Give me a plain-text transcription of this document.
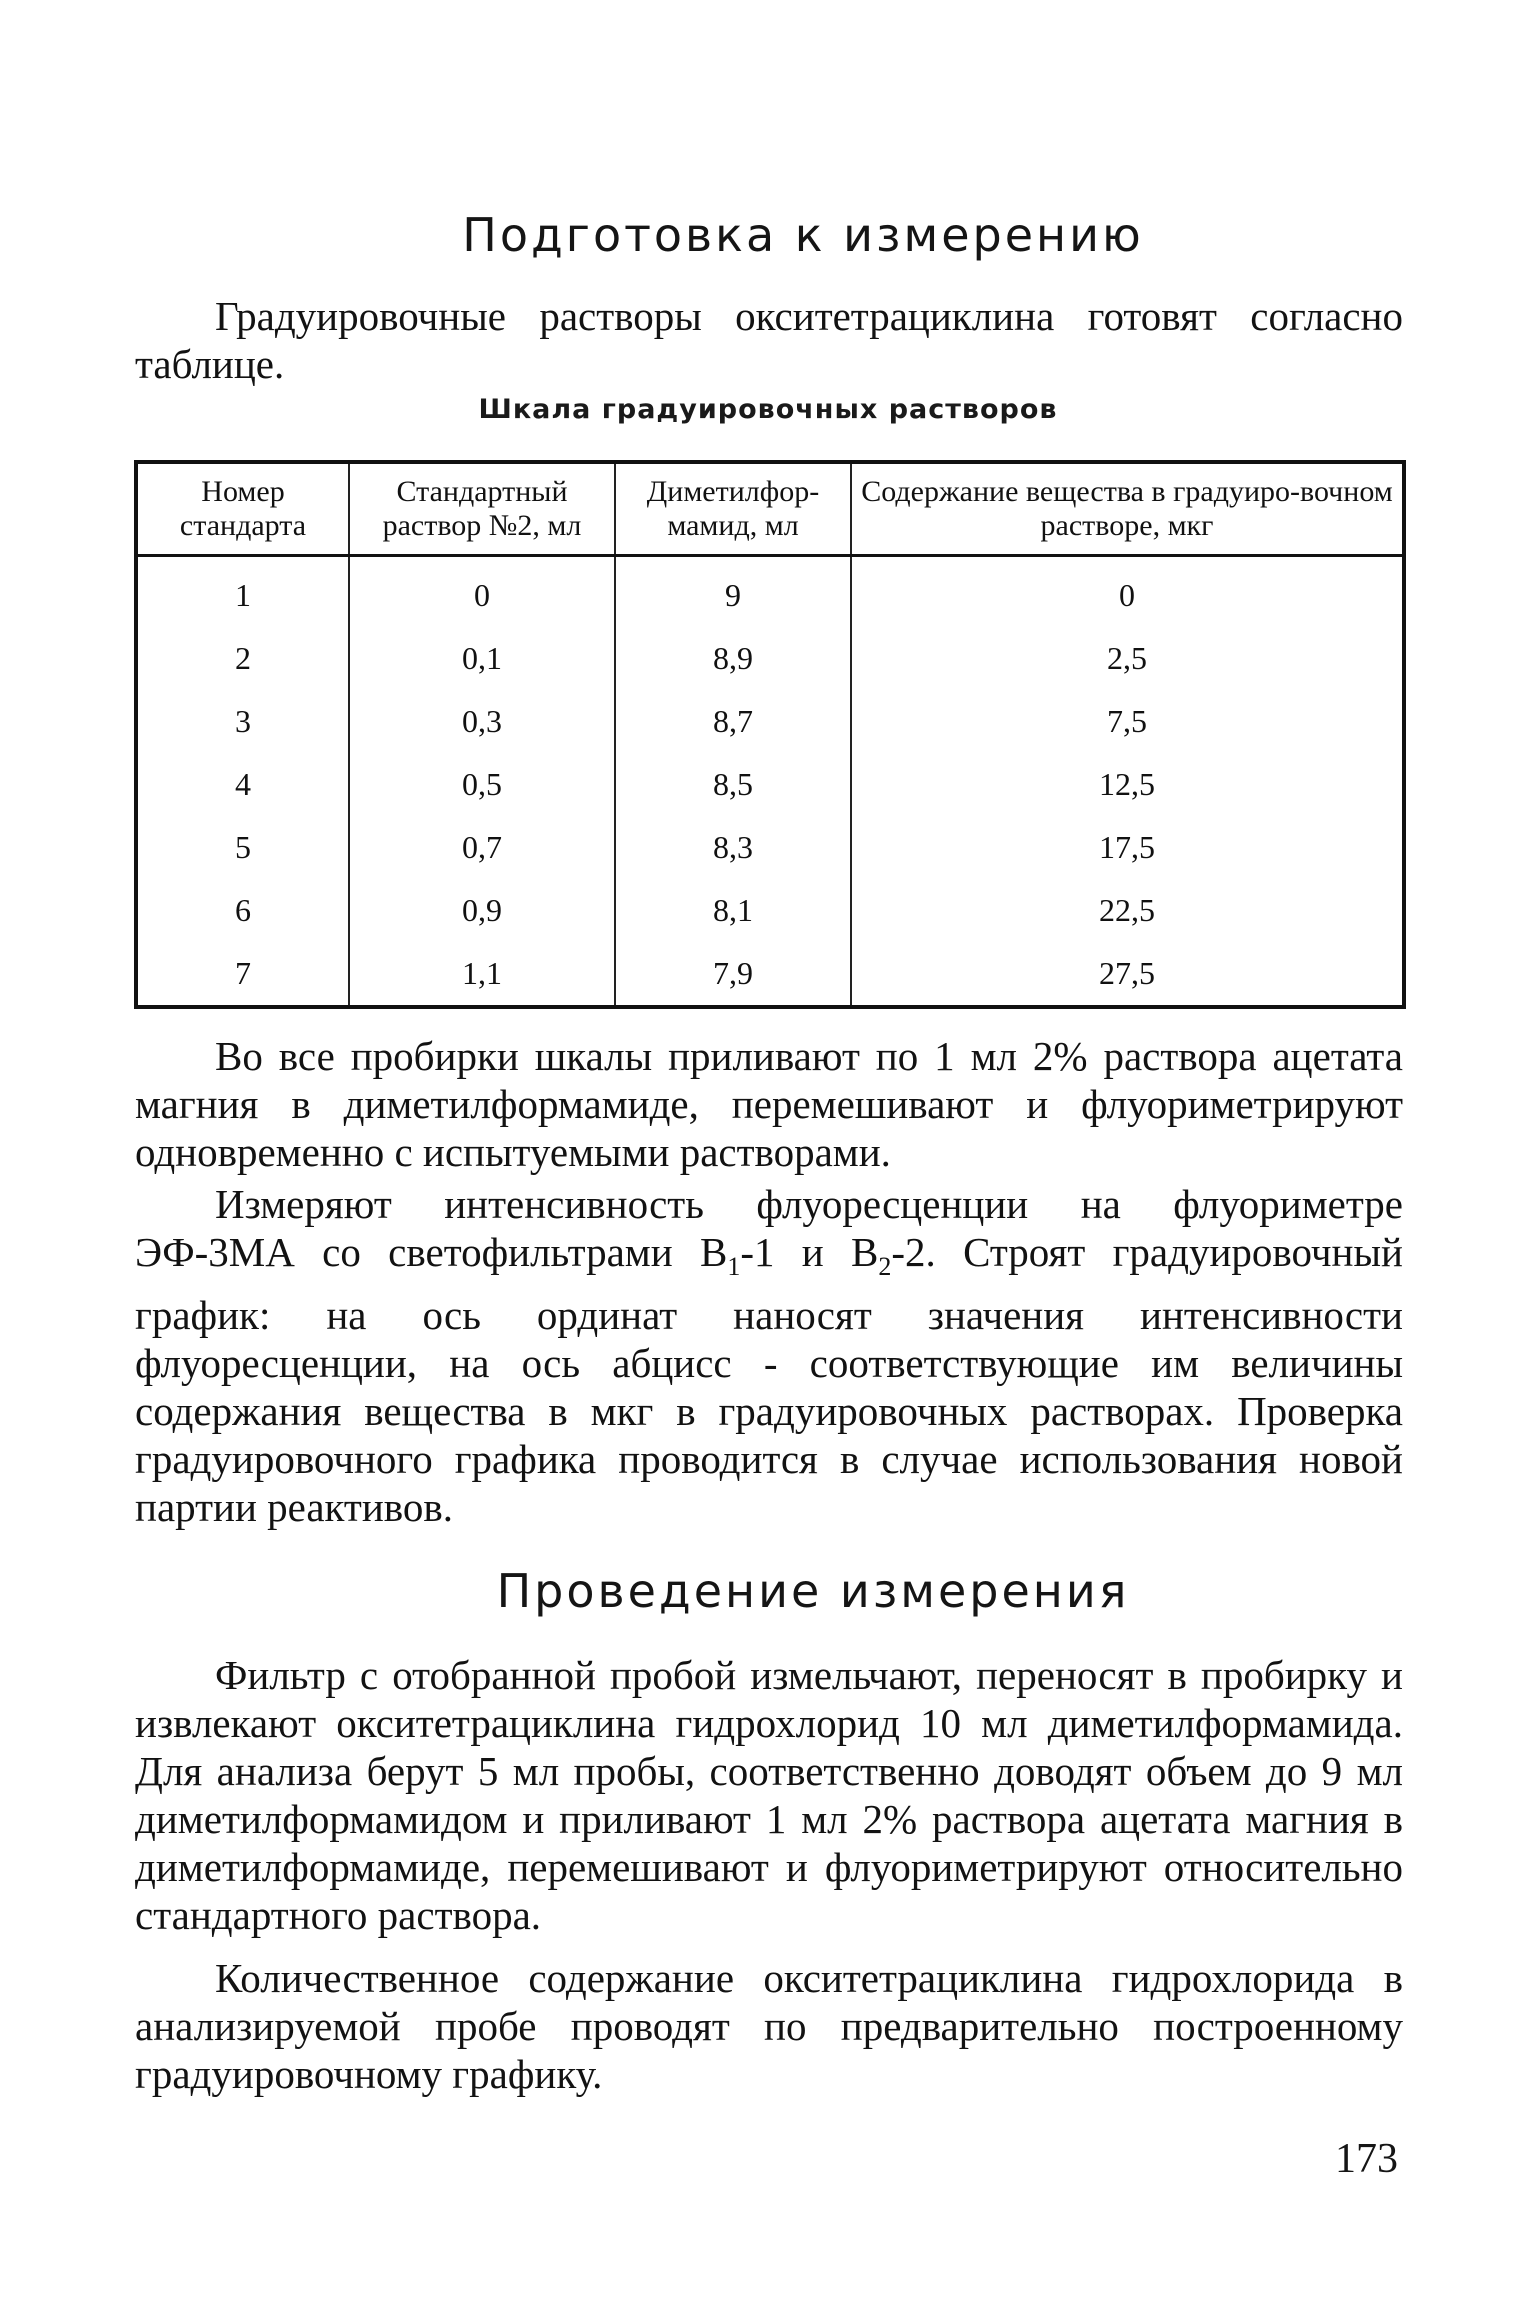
Подготовка к измерению

Градуировочные растворы окситетрациклина готовят согласно таблице.

Шкала градуировочных растворов
Номер стандарта	Стандартный раствор №2, мл	Диметилфор-мамид, мл	Содержание вещества в градуиро-вочном растворе, мкг
1	0	9	0
2	0,1	8,9	2,5
3	0,3	8,7	7,5
4	0,5	8,5	12,5
5	0,7	8,3	17,5
6	0,9	8,1	22,5
7	1,1	7,9	27,5

Во все пробирки шкалы приливают по 1 мл 2% раствора ацетата магния в диметилформамиде, перемешивают и флуориметрируют одновременно с испытуемыми растворами.

Измеряют интенсивность флуоресценции на флуориметре ЭФ-3МА со светофильтрами $В_1-1$ и $В_2-2$. Строят градуировочный график: на ось ординат наносят значения интенсивности флуоресценции, на ось абцисс - соответствующие им величины содержания вещества в мкг в градуировочных растворах. Проверка градуировочного графика проводится в случае использования новой партии реактивов.

Проведение измерения

Фильтр с отобранной пробой измельчают, переносят в пробирку и извлекают окситетрациклина гидрохлорид 10 мл диметилформамида. Для анализа берут 5 мл пробы, соответственно доводят объем до 9 мл диметилформамидом и приливают 1 мл 2% раствора ацетата магния в диметилформамиде, перемешивают и флуориметрируют относительно стандартного раствора.

Количественное содержание окситетрациклина гидрохлорида в анализируемой пробе проводят по предварительно построенному градуировочному графику.

173
